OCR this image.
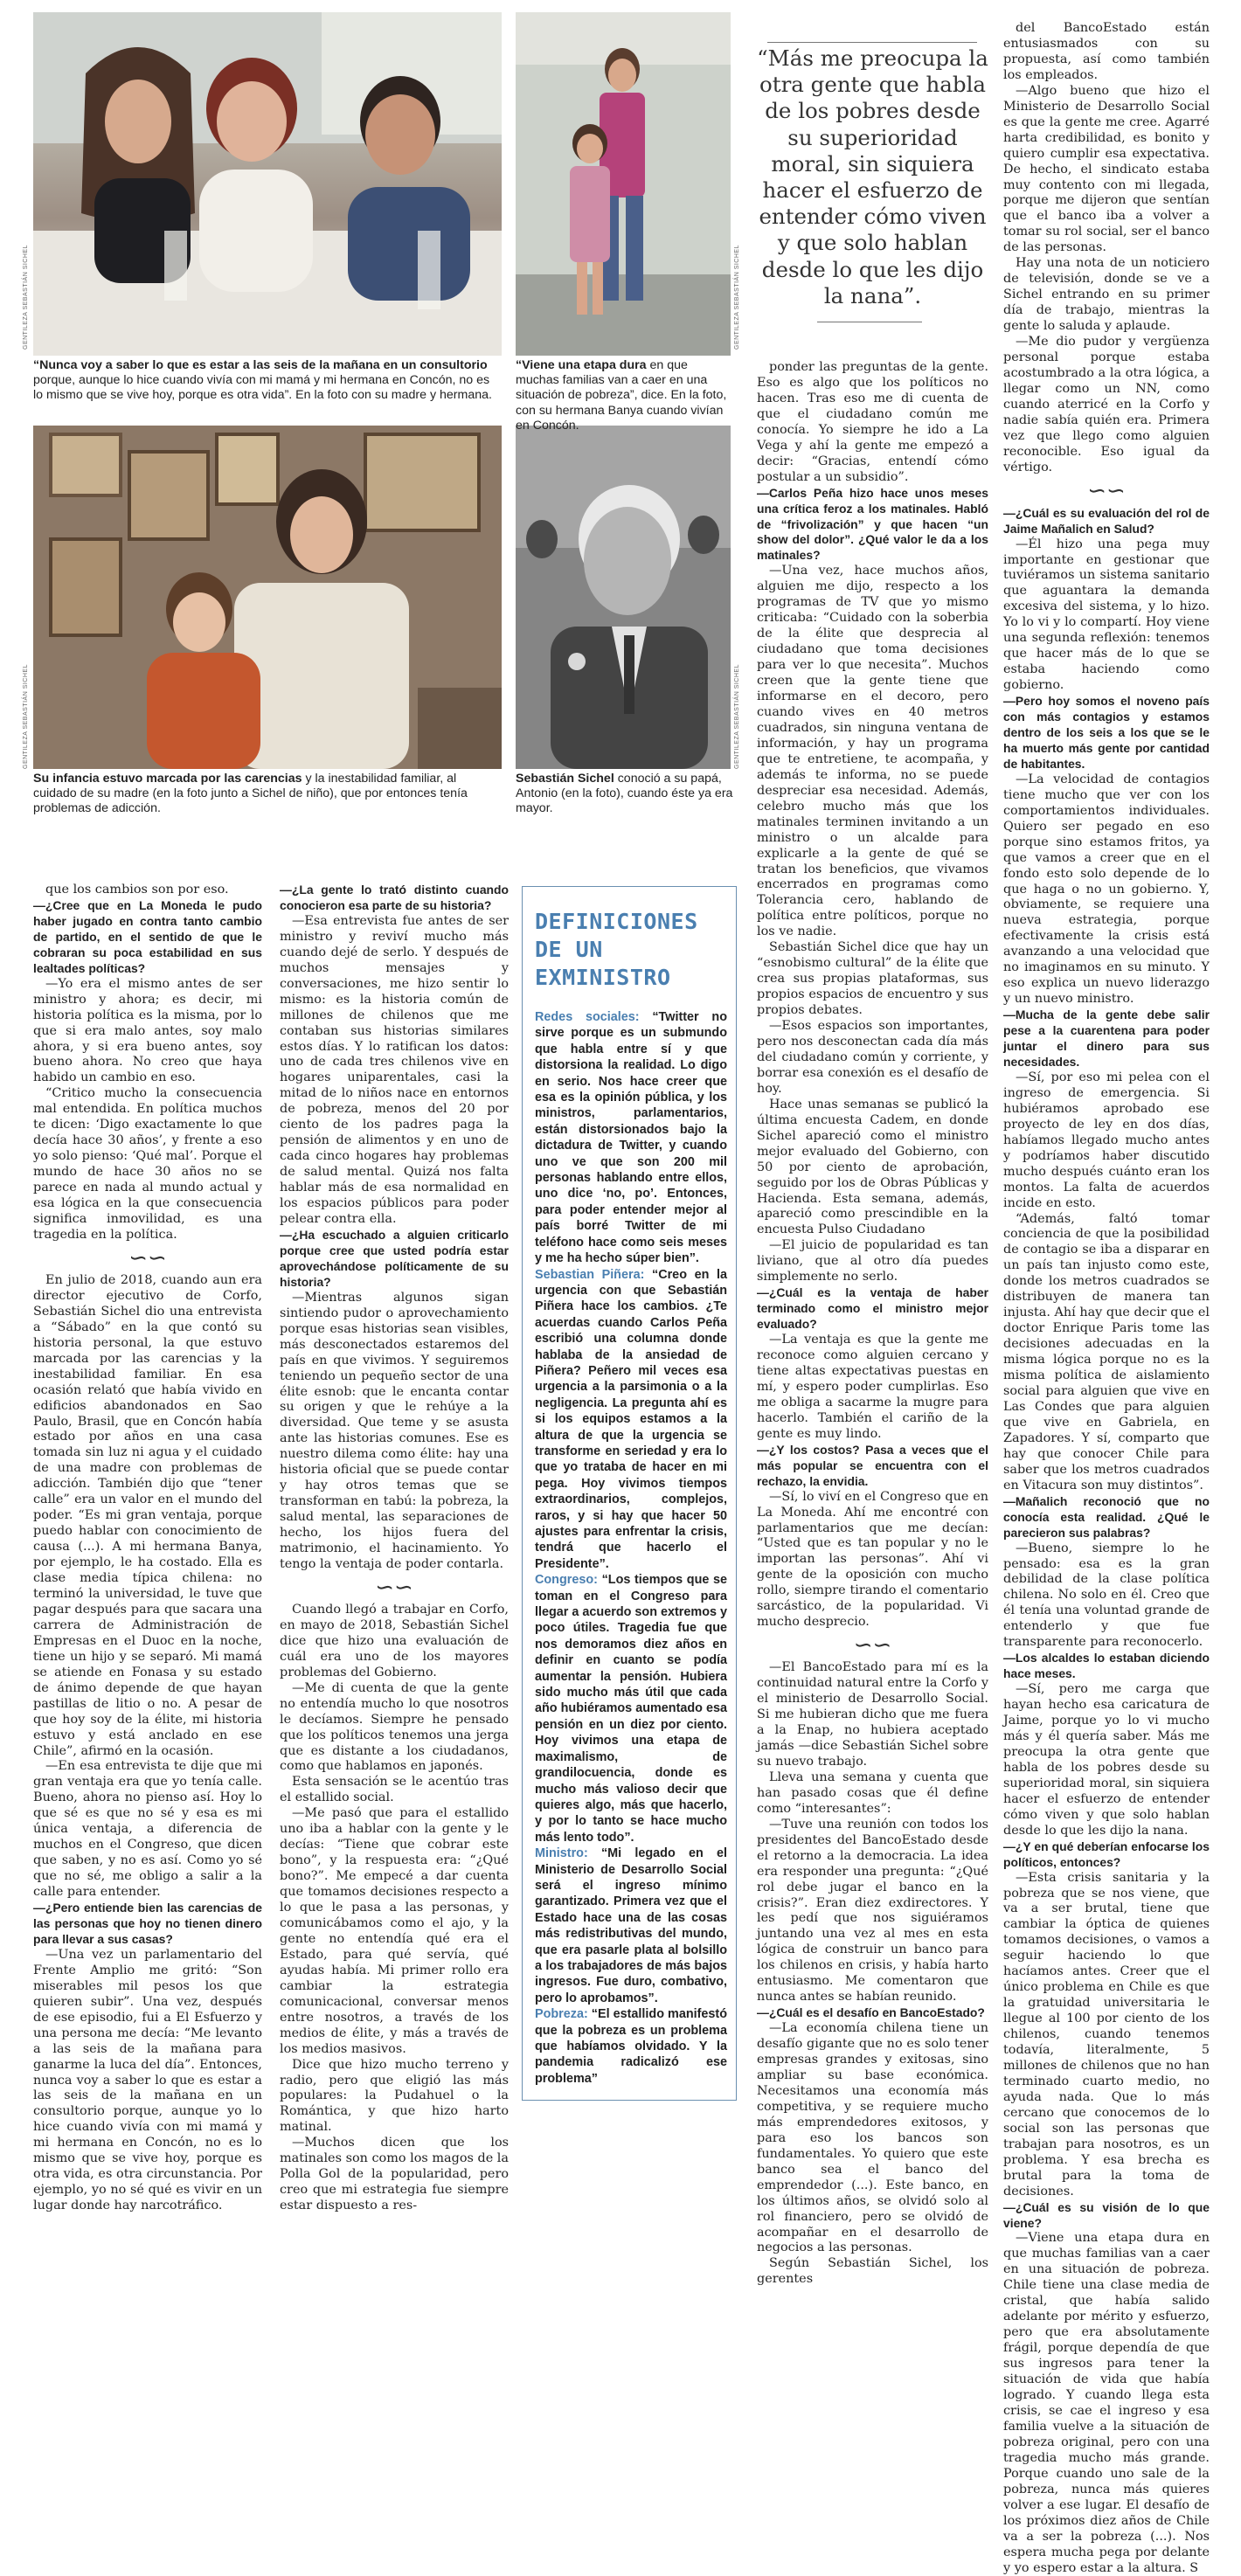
GENTILEZA SEBASTIÁN SICHEL	GENTILEZA SEBASTIÁN SICHEL
GENTILEZA SEBASTIÁN SICHEL	GENTILEZA SEBASTIÁN SICHEL
“Nunca voy a saber lo que es estar a las seis de la mañana en un consultorio porque, aunque lo hice cuando vivía con mi mamá y mi hermana en Concón, no es lo mismo que se vive hoy, porque es otra vida”. En la foto con su madre y hermana.
“Viene una etapa dura en que muchas familias van a caer en una situación de pobreza”, dice. En la foto, con su hermana Banya cuando vivían en Concón.
Su infancia estuvo marcada por las carencias y la inestabilidad familiar, al cuidado de su madre (en la foto junto a Sichel de niño), que por entonces tenía problemas de adicción.
Sebastián Sichel conoció a su papá, Antonio (en la foto), cuando éste ya era mayor.
“Más me preocupa la otra gente que habla de los pobres desde su superioridad moral, sin siquiera hacer el esfuerzo de entender cómo viven y que solo hablan desde lo que les dijo la nana”.

del BancoEstado están entusiasmados con su propuesta, así como también los empleados.

—Algo bueno que hizo el Ministerio de Desarrollo Social es que la gente me cree. Agarré harta credibilidad, es bonito y quiero cumplir esa expectativa. De hecho, el sindicato estaba muy contento con mi llegada, porque me dijeron que sentían que el banco iba a volver a tomar su rol social, ser el banco de las personas.

Hay una nota de un noticiero de televisión, donde se ve a Sichel entrando en su primer día de trabajo, mientras la gente lo saluda y aplaude.

—Me dio pudor y vergüenza personal porque estaba acostumbrado a la otra lógica, a llegar como un NN, como cuando aterricé en la Corfo y nadie sabía quién era. Primera vez que llego como alguien reconocible. Eso igual da vértigo.

∽∽

—¿Cuál es su evaluación del rol de Jaime Mañalich en Salud?

—Él hizo una pega muy importante en gestionar que tuviéramos un sistema sanitario que aguantara la demanda excesiva del sistema, y lo hizo. Yo lo vi y lo compartí. Hoy viene una segunda reflexión: tenemos que hacer más de lo que se estaba haciendo como gobierno.

—Pero hoy somos el noveno país con más contagios y estamos dentro de los seis a los que se le ha muerto más gente por cantidad de habitantes.

—La velocidad de contagios tiene mucho que ver con los comportamientos individuales. Quiero ser pegado en eso porque sino estamos fritos, ya que vamos a creer que en el fondo esto solo depende de lo que haga o no un gobierno. Y, obviamente, se requiere una nueva estrategia, porque efectivamente la crisis está avanzando a una velocidad que no imaginamos en su minuto. Y eso explica un nuevo liderazgo y un nuevo ministro.

—Mucha de la gente debe salir pese a la cuarentena para poder juntar el dinero para sus necesidades.

—Sí, por eso mi pelea con el ingreso de emergencia. Si hubiéramos aprobado ese proyecto de ley en dos días, habíamos llegado mucho antes y podríamos haber discutido mucho después cuánto eran los montos. La falta de acuerdos incide en esto.

“Además, faltó tomar conciencia de que la posibilidad de contagio se iba a disparar en un país tan injusto como este, donde los metros cuadrados se distribuyen de manera tan injusta. Ahí hay que decir que el doctor Enrique Paris tome las decisiones adecuadas en la misma lógica porque no es la misma política de aislamiento social para alguien que vive en Las Condes que para alguien que vive en Gabriela, en Zapadores. Y sí, comparto que hay que conocer Chile para saber que los metros cuadrados en Vitacura son muy distintos”.

—Mañalich reconoció que no conocía esta realidad. ¿Qué le parecieron sus palabras?

—Bueno, siempre lo he pensado: esa es la gran debilidad de la clase política chilena. No solo en él. Creo que él tenía una voluntad grande de entenderlo y que fue transparente para reconocerlo.

—Los alcaldes lo estaban diciendo hace meses.

—Sí, pero me carga que hayan hecho esa caricatura de Jaime, porque yo lo vi mucho más y él quería saber. Más me preocupa la otra gente que habla de los pobres desde su superioridad moral, sin siquiera hacer el esfuerzo de entender cómo viven y que solo hablan desde lo que les dijo la nana.

—¿Y en qué deberían enfocarse los políticos, entonces?

—Esta crisis sanitaria y la pobreza que se nos viene, que va a ser brutal, tiene que cambiar la óptica de quienes tomamos decisiones, o vamos a seguir haciendo lo que hacíamos antes. Creer que el único problema en Chile es que la gratuidad universitaria le llegue al 100 por ciento de los chilenos, cuando tenemos todavía, literalmente, 5 millones de chilenos que no han terminado cuarto medio, no ayuda nada. Que lo más cercano que conocemos de lo social son las personas que trabajan para nosotros, es un problema. Y esa brecha es brutal para la toma de decisiones.

—¿Cuál es su visión de lo que viene?

—Viene una etapa dura en que muchas familias van a caer en una situación de pobreza. Chile tiene una clase media de cristal, que había salido adelante por mérito y esfuerzo, pero que era absolutamente frágil, porque dependía de que sus ingresos para tener la situación de vida que había logrado. Y cuando llega esta crisis, se cae el ingreso y esa familia vuelve a la situación de pobreza original, pero con una tragedia mucho más grande. Porque cuando uno sale de la pobreza, nunca más quieres volver a ese lugar. El desafío de los próximos diez años de Chile va a ser la pobreza (...). Nos espera mucha pega por delante y yo espero estar a la altura. S

ponder las preguntas de la gente. Eso es algo que los políticos no hacen. Tras eso me di cuenta de que el ciudadano común me conocía. Yo siempre he ido a La Vega y ahí la gente me empezó a decir: “Gracias, entendí cómo postular a un subsidio”.

—Carlos Peña hizo hace unos meses una crítica feroz a los matinales. Habló de “frivolización” y que hacen “un show del dolor”. ¿Qué valor le da a los matinales?

—Una vez, hace muchos años, alguien me dijo, respecto a los programas de TV que yo mismo criticaba: “Cuidado con la soberbia de la élite que desprecia al ciudadano que toma decisiones para ver lo que necesita”. Muchos creen que la gente tiene que informarse en el decoro, pero cuando vives en 40 metros cuadrados, sin ninguna ventana de información, y hay un programa que te entretiene, te acompaña, y además te informa, no se puede despreciar esa necesidad. Además, celebro mucho más que los matinales terminen invitando a un ministro o un alcalde para explicarle a la gente de qué se tratan los beneficios, que vivamos encerrados en programas como Tolerancia cero, hablando de política entre políticos, porque no los ve nadie.

Sebastián Sichel dice que hay un “esnobismo cultural” de la élite que crea sus propias plataformas, sus propios espacios de encuentro y sus propios debates.

—Esos espacios son importantes, pero nos desconectan cada día más del ciudadano común y corriente, y borrar esa conexión es el desafío de hoy.

Hace unas semanas se publicó la última encuesta Cadem, en donde Sichel apareció como el ministro mejor evaluado del Gobierno, con 50 por ciento de aprobación, seguido por los de Obras Públicas y Hacienda. Esta semana, además, apareció como prescindible en la encuesta Pulso Ciudadano

—El juicio de popularidad es tan liviano, que al otro día puedes simplemente no serlo.

—¿Cuál es la ventaja de haber terminado como el ministro mejor evaluado?

—La ventaja es que la gente me reconoce como alguien cercano y tiene altas expectativas puestas en mí, y espero poder cumplirlas. Eso me obliga a sacarme la mugre para hacerlo. También el cariño de la gente es muy lindo.

—¿Y los costos? Pasa a veces que el más popular se encuentra con el rechazo, la envidia.

—Sí, lo viví en el Congreso que en La Moneda. Ahí me encontré con parlamentarios que me decían: “Usted que es tan popular y no le importan las personas”. Ahí vi gente de la oposición con mucho rollo, siempre tirando el comentario sarcástico, de la popularidad. Vi mucho desprecio.

∽∽

—El BancoEstado para mí es la continuidad natural entre la Corfo y el ministerio de Desarrollo Social. Si me hubieran dicho que me fuera a la Enap, no hubiera aceptado jamás —dice Sebastián Sichel sobre su nuevo trabajo.

Lleva una semana y cuenta que han pasado cosas que él define como “interesantes”:

—Tuve una reunión con todos los presidentes del BancoEstado desde el retorno a la democracia. La idea era responder una pregunta: “¿Qué rol debe jugar el banco en la crisis?”. Eran diez exdirectores. Y les pedí que nos siguiéramos juntando una vez al mes en esta lógica de construir un banco para los chilenos en crisis, y había harto entusiasmo. Me comentaron que nunca antes se habían reunido.

—¿Cuál es el desafío en BancoEstado?

—La economía chilena tiene un desafío gigante que no es solo tener empresas grandes y exitosas, sino ampliar su base económica. Necesitamos una economía más competitiva, y se requiere mucho más emprendedores exitosos, y para eso los bancos son fundamentales. Yo quiero que este banco sea el banco del emprendedor (...). Este banco, en los últimos años, se olvidó solo al rol financiero, pero se olvidó de acompañar en el desarrollo de negocios a las personas.

Según Sebastián Sichel, los gerentes

que los cambios son por eso.

—¿Cree que en La Moneda le pudo haber jugado en contra tanto cambio de partido, en el sentido de que le cobraran su poca estabilidad en sus lealtades políticas?

—Yo era el mismo antes de ser ministro y ahora; es decir, mi historia política es la misma, por lo que si era malo antes, soy malo ahora, y si era bueno antes, soy bueno ahora. No creo que haya habido un cambio en eso.

“Critico mucho la consecuencia mal entendida. En política muchos te dicen: ‘Digo exactamente lo que decía hace 30 años’, y frente a eso yo solo pienso: ‘Qué mal’. Porque el mundo de hace 30 años no se parece en nada al mundo actual y esa lógica en la que consecuencia significa inmovilidad, es una tragedia en la política.

∽∽

En julio de 2018, cuando aun era director ejecutivo de Corfo, Sebastián Sichel dio una entrevista a “Sábado” en la que contó su historia personal, la que estuvo marcada por las carencias y la inestabilidad familiar. En esa ocasión relató que había vivido en edificios abandonados en Sao Paulo, Brasil, que en Concón había estado por años en una casa tomada sin luz ni agua y el cuidado de una madre con problemas de adicción. También dijo que “tener calle” era un valor en el mundo del poder. “Es mi gran ventaja, porque puedo hablar con conocimiento de causa (...). A mi hermana Banya, por ejemplo, le ha costado. Ella es clase media típica chilena: no terminó la universidad, le tuve que pagar después para que sacara una carrera de Administración de Empresas en el Duoc en la noche, tiene un hijo y se separó. Mi mamá se atiende en Fonasa y su estado de ánimo depende de que hayan pastillas de litio o no. A pesar de que hoy soy de la élite, mi historia estuvo y está anclado en ese Chile”, afirmó en la ocasión.

—En esa entrevista te dije que mi gran ventaja era que yo tenía calle. Bueno, ahora no pienso así. Hoy lo que sé es que no sé y esa es mi única ventaja, a diferencia de muchos en el Congreso, que dicen que saben, y no es así. Como yo sé que no sé, me obligo a salir a la calle para entender.

—¿Pero entiende bien las carencias de las personas que hoy no tienen dinero para llevar a sus casas?

—Una vez un parlamentario del Frente Amplio me gritó: “Son miserables mil pesos los que quieren subir”. Una vez, después de ese episodio, fui a El Esfuerzo y una persona me decía: “Me levanto a las seis de la mañana para ganarme la luca del día”. Entonces, nunca voy a saber lo que es estar a las seis de la mañana en un consultorio porque, aunque yo lo hice cuando vivía con mi mamá y mi hermana en Concón, no es lo mismo que se vive hoy, porque es otra vida, es otra circunstancia. Por ejemplo, yo no sé qué es vivir en un lugar donde hay narcotráfico.

—¿La gente lo trató distinto cuando conocieron esa parte de su historia?

—Esa entrevista fue antes de ser ministro y reviví mucho más cuando dejé de serlo. Y después de muchos mensajes y conversaciones, me hizo sentir lo mismo: es la historia común de millones de chilenos que me contaban sus historias similares estos días. Y lo ratifican los datos: uno de cada tres chilenos vive en hogares uniparentales, casi la mitad de lo niños nace en entornos de pobreza, menos del 20 por ciento de los padres paga la pensión de alimentos y en uno de cada cinco hogares hay problemas de salud mental. Quizá nos falta hablar más de esa normalidad en los espacios públicos para poder pelear contra ella.

—¿Ha escuchado a alguien criticarlo porque cree que usted podría estar aprovechándose políticamente de su historia?

—Mientras algunos sigan sintiendo pudor o aprovechamiento porque esas historias sean visibles, más desconectados estaremos del país en que vivimos. Y seguiremos teniendo un pequeño sector de una élite esnob: que le encanta contar su origen y que le rehúye a la diversidad. Que teme y se asusta ante las historias comunes. Ese es nuestro dilema como élite: hay una historia oficial que se puede contar y hay otros temas que se transforman en tabú: la pobreza, la salud mental, las separaciones de hecho, los hijos fuera del matrimonio, el hacinamiento. Yo tengo la ventaja de poder contarla.

∽∽

Cuando llegó a trabajar en Corfo, en mayo de 2018, Sebastián Sichel dice que hizo una evaluación de cuál era uno de los mayores problemas del Gobierno.

—Me di cuenta de que la gente no entendía mucho lo que nosotros le decíamos. Siempre he pensado que los políticos tenemos una jerga que es distante a los ciudadanos, como que hablamos en japonés.

Esta sensación se le acentúo tras el estallido social.

—Me pasó que para el estallido uno iba a hablar con la gente y le decías: “Tiene que cobrar este bono”, y la respuesta era: “¿Qué bono?”. Me empecé a dar cuenta que tomamos decisiones respecto a lo que le pasa a las personas, y comunicábamos como el ajo, y la gente no entendía qué era el Estado, para qué servía, qué ayudas había. Mi primer rollo era cambiar la estrategia comunicacional, conversar menos entre nosotros, a través de los medios de élite, y más a través de los medios masivos.

Dice que hizo mucho terreno y radio, pero que eligió las más populares: la Pudahuel o la Romántica, y que hizo harto matinal.

—Muchos dicen que los matinales son como los magos de la Polla Gol de la popularidad, pero creo que mi estrategia fue siempre estar dispuesto a res-

DEFINICIONES DE UN EXMINISTRO

Redes sociales: “Twitter no sirve porque es un submundo que habla entre sí y que distorsiona la realidad. Lo digo en serio. Nos hace creer que esa es la opinión pública, y los ministros, parlamentarios, están distorsionados bajo la dictadura de Twitter, y cuando uno ve que son 200 mil personas hablando entre ellos, uno dice ‘no, po’. Entonces, para poder entender mejor al país borré Twitter de mi teléfono hace como seis meses y me ha hecho súper bien”.

Sebastian Piñera: “Creo en la urgencia con que Sebastián Piñera hace los cambios. ¿Te acuerdas cuando Carlos Peña escribió una columna donde hablaba de la ansiedad de Piñera? Peñero mil veces esa urgencia a la parsimonia o a la negligencia. La pregunta ahí es si los equipos estamos a la altura de que la urgencia se transforme en seriedad y era lo que yo trataba de hacer en mi pega. Hoy vivimos tiempos extraordinarios, complejos, raros, y si hay que hacer 50 ajustes para enfrentar la crisis, tendrá que hacerlo el Presidente”.

Congreso: “Los tiempos que se toman en el Congreso para llegar a acuerdo son extremos y poco útiles. Tragedia fue que nos demoramos diez años en definir en cuanto se podía aumentar la pensión. Hubiera sido mucho más útil que cada año hubiéramos aumentado esa pensión en un diez por ciento. Hoy vivimos una etapa de maximalismo, de grandilocuencia, donde es mucho más valioso decir que quieres algo, más que hacerlo, y por lo tanto se hace mucho más lento todo”.

Ministro: “Mi legado en el Ministerio de Desarrollo Social será el ingreso mínimo garantizado. Primera vez que el Estado hace una de las cosas más redistributivas del mundo, que era pasarle plata al bolsillo a los trabajadores de más bajos ingresos. Fue duro, combativo, pero lo aprobamos”.

Pobreza: “El estallido manifestó que la pobreza es un problema que habíamos olvidado. Y la pandemia radicalizó ese problema”
